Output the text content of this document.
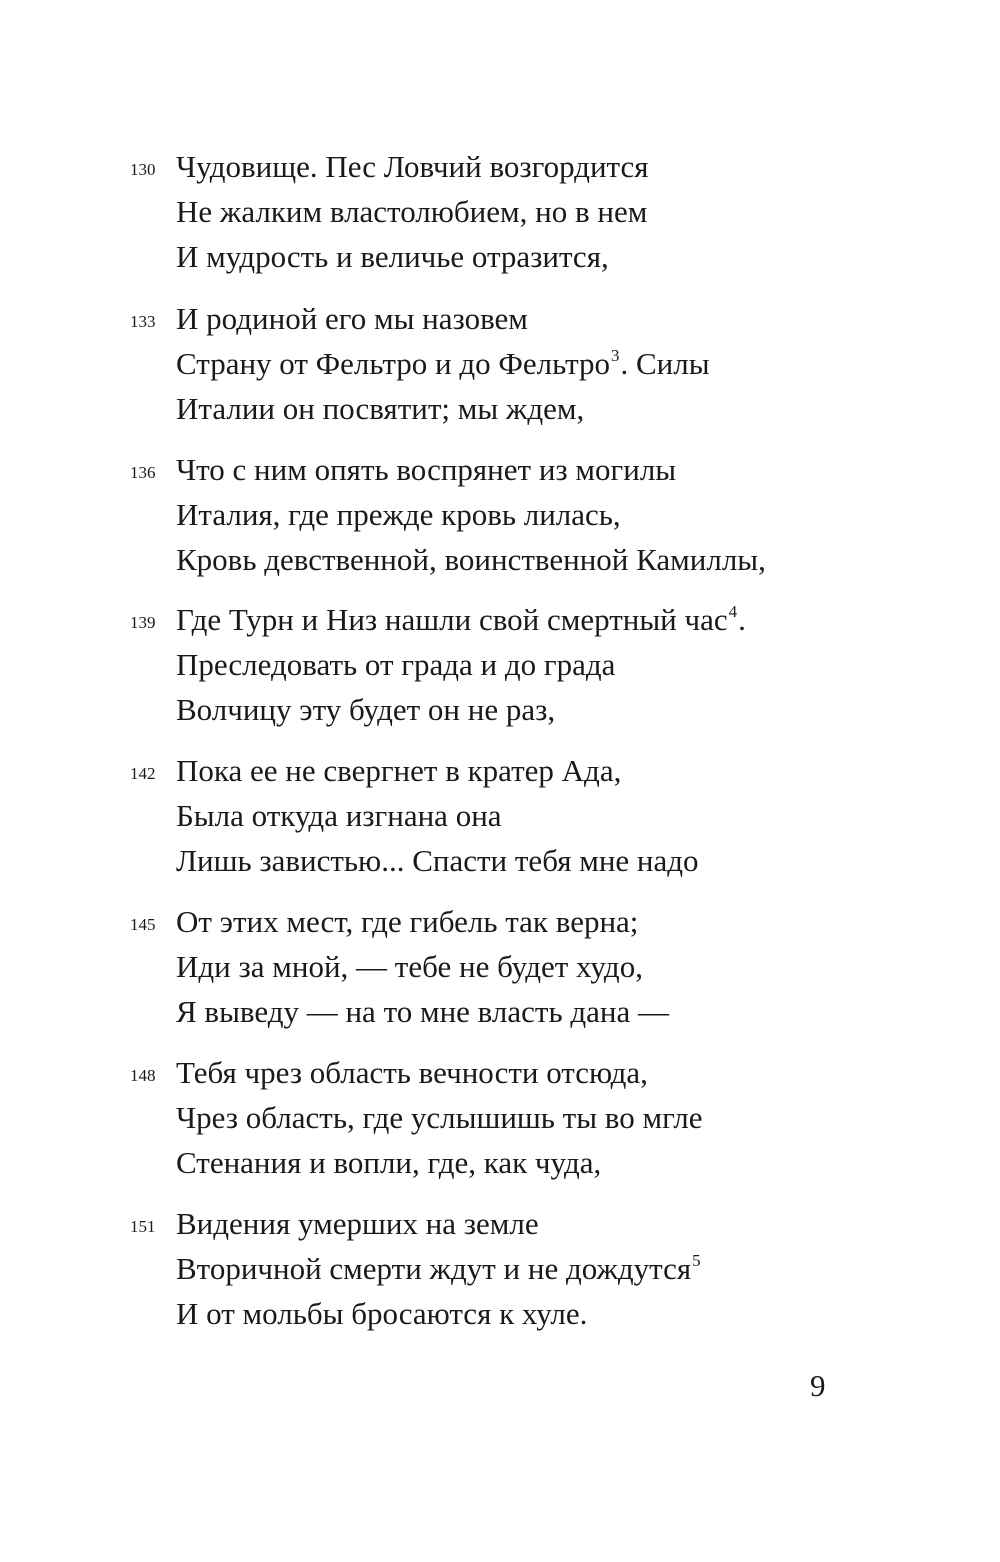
130 Чудовище. Пес Ловчий возгордится
Не жалким властолюбием, но в нем
И мудрость и величье отразится,
133 И родиной его мы назовем
Страну от Фельтро и до Фельтро$^3$. Силы
Италии он посвятит; мы ждем,
136 Что с ним опять воспрянет из могилы
Италия, где прежде кровь лилась,
Кровь девственной, воинственной Камиллы,
139 Где Турн и Низ нашли свой смертный час$^4$.
Преследовать от града и до града
Волчицу эту будет он не раз,
142 Пока ее не свергнет в кратер Ада,
Была откуда изгнана она
Лишь завистью... Спасти тебя мне надо
145 От этих мест, где гибель так верна;
Иди за мной, — тебе не будет худо,
Я выведу — на то мне власть дана —
148 Тебя чрез область вечности отсюда,
Чрез область, где услышишь ты во мгле
Стенания и вопли, где, как чуда,
151 Видения умерших на земле
Вторичной смерти ждут и не дождутся$^5$
И от мольбы бросаются к хуле.
9
